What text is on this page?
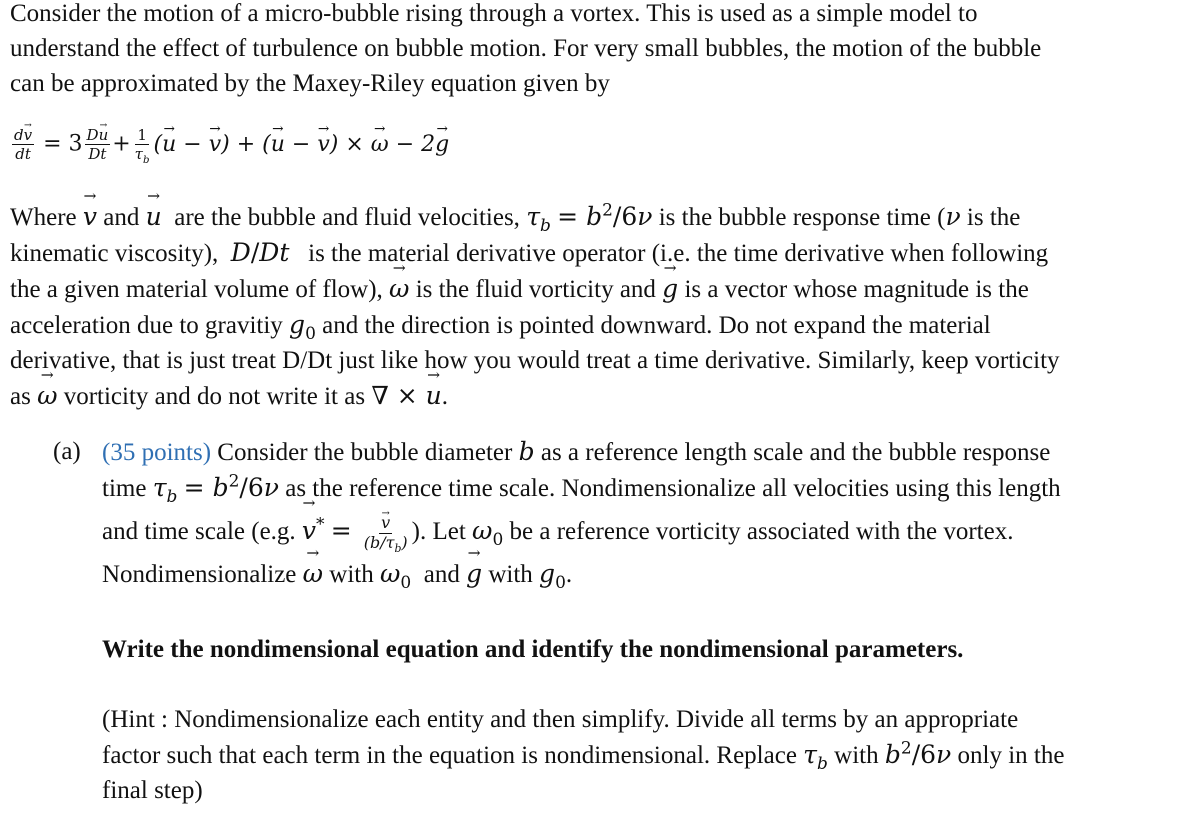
Consider the motion of a micro-bubble rising through a vortex. This is used as a simple model to
understand the effect of turbulence on bubble motion. For very small bubbles, the motion of the bubble
can be approximated by the Maxey-Riley equation given by

$\frac{d\to v}{dt} = 3 \frac{D\to u}{Dt} + \frac{1}{\tau_b}$ (→ u − → v) + (→ u − → v) × → ω − 2→ g

Where → v and → u are the bubble and fluid velocities, $\tau_b = b^2/6\nu$ is the bubble response time (ν is the
kinematic viscosity), D/Dt is the material derivative operator (i.e. the time derivative when following
the a given material volume of flow), → ω is the fluid vorticity and → g is a vector whose magnitude is the
acceleration due to gravitiy $g_0$ and the direction is pointed downward. Do not expand the material
derivative, that is just treat D/Dt just like how you would treat a time derivative. Similarly, keep vorticity
as → ω vorticity and do not write it as ∇ × → u.

(a) (35 points) Consider the bubble diameter b as a reference length scale and the bubble response
time $\tau_b = b^2/6\nu$ as the reference time scale. Nondimensionalize all velocities using this length
and time scale (e.g. → v* = → $\frac{v}{(b/\tau_b)}$ ). Let $\omega_0$ be a reference vorticity associated with the vortex.
Nondimensionalize → ω with $\omega_0$ and → g with $g_0$.

Write the nondimensional equation and identify the nondimensional parameters.

(Hint : Nondimensionalize each entity and then simplify. Divide all terms by an appropriate
factor such that each term in the equation is nondimensional. Replace $\tau_b$ with $b^2/6\nu$ only in the
final step)
